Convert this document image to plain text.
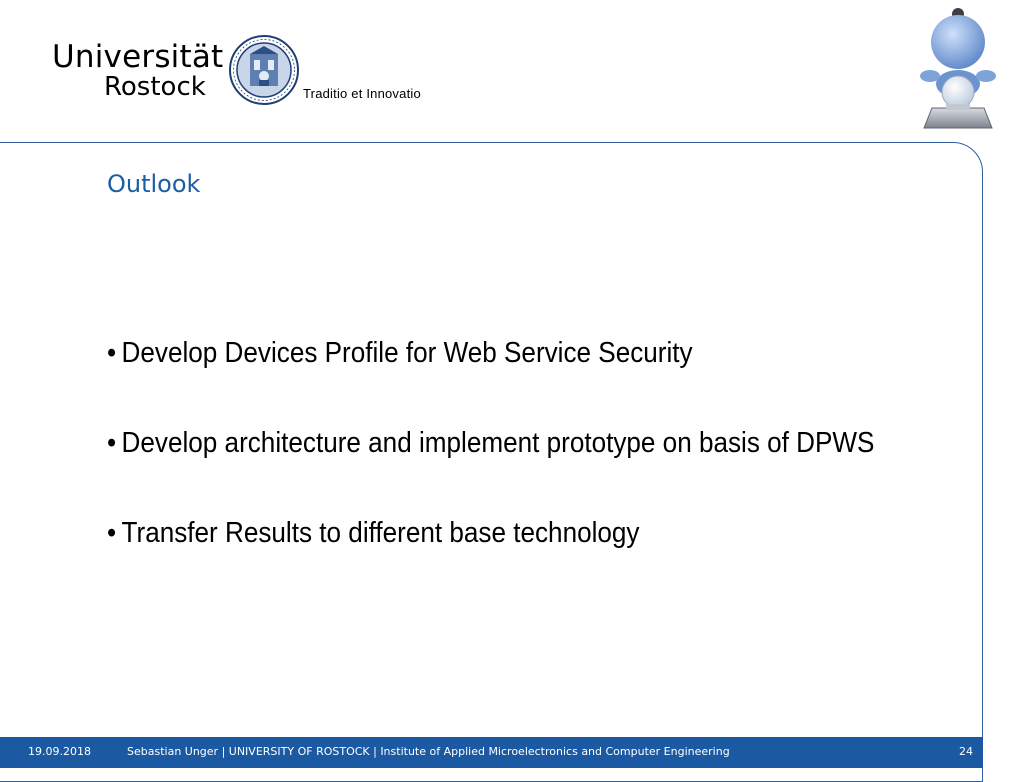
Universität
Rostock	Traditio et Innovatio
Outlook
• Develop Devices Profile for Web Service Security
• Develop architecture and implement prototype on basis of DPWS
• Transfer Results to different base technology
19.09.2018	Sebastian Unger | UNIVERSITY OF ROSTOCK | Institute of Applied Microelectronics and Computer Engineering	24
